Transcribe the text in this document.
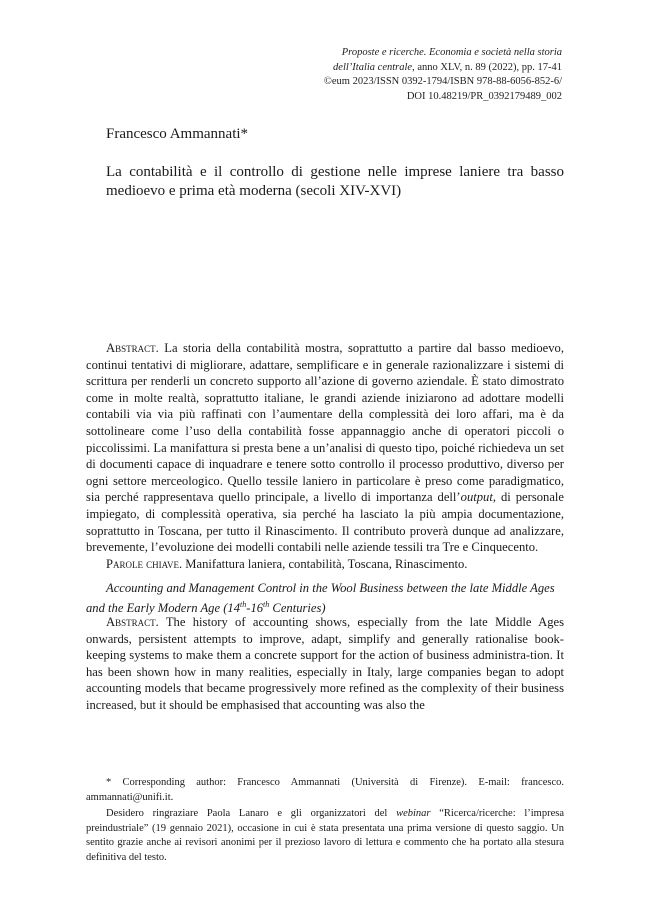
Proposte e ricerche. Economia e società nella storia
dell’Italia centrale, anno XLV, n. 89 (2022), pp. 17-41
©eum 2023/ISSN 0392-1794/ISBN 978-88-6056-852-6/
DOI 10.48219/PR_0392179489_002
Francesco Ammannati*
La contabilità e il controllo di gestione nelle imprese laniere tra basso medioevo e prima età moderna (secoli XIV-XVI)

Abstract. La storia della contabilità mostra, soprattutto a partire dal basso medioevo, continui tentativi di migliorare, adattare, semplificare e in generale razionalizzare i sistemi di scrittura per renderli un concreto supporto all’azione di governo aziendale. È stato dimostrato come in molte realtà, soprattutto italiane, le grandi aziende iniziarono ad adottare modelli contabili via via più raffinati con l’aumentare della complessità dei loro affari, ma è da sottolineare come l’uso della contabilità fosse appannaggio anche di operatori piccoli o piccolissimi. La manifattura si presta bene a un’analisi di questo tipo, poiché richiedeva un set di documenti capace di inquadrare e tenere sotto controllo il processo produttivo, diverso per ogni settore merceologico. Quello tessile laniero in particolare è preso come paradigmatico, sia perché rappresentava quello principale, a livello di importanza dell’output, di personale impiegato, di complessità operativa, sia perché ha lasciato la più ampia documentazione, soprattutto in Toscana, per tutto il Rinascimento. Il contributo proverà dunque ad analizzare, brevemente, l’evoluzione dei modelli contabili nelle aziende tessili tra Tre e Cinquecento.

Parole chiave. Manifattura laniera, contabilità, Toscana, Rinascimento.

Accounting and Management Control in the Wool Business between the late Middle Ages and the Early Modern Age (14th-16th Centuries)

Abstract. The history of accounting shows, especially from the late Middle Ages onwards, persistent attempts to improve, adapt, simplify and generally rationalise book-keeping systems to make them a concrete support for the action of business administra-tion. It has been shown how in many realities, especially in Italy, large companies began to adopt accounting models that became progressively more refined as the complexity of their business increased, but it should be emphasised that accounting was also the

* Corresponding author: Francesco Ammannati (Università di Firenze). E-mail: francesco. ammannati@unifi.it.

Desidero ringraziare Paola Lanaro e gli organizzatori del webinar “Ricerca/ricerche: l’impresa preindustriale” (19 gennaio 2021), occasione in cui è stata presentata una prima versione di questo saggio. Un sentito grazie anche ai revisori anonimi per il prezioso lavoro di lettura e commento che ha portato alla stesura definitiva del testo.
